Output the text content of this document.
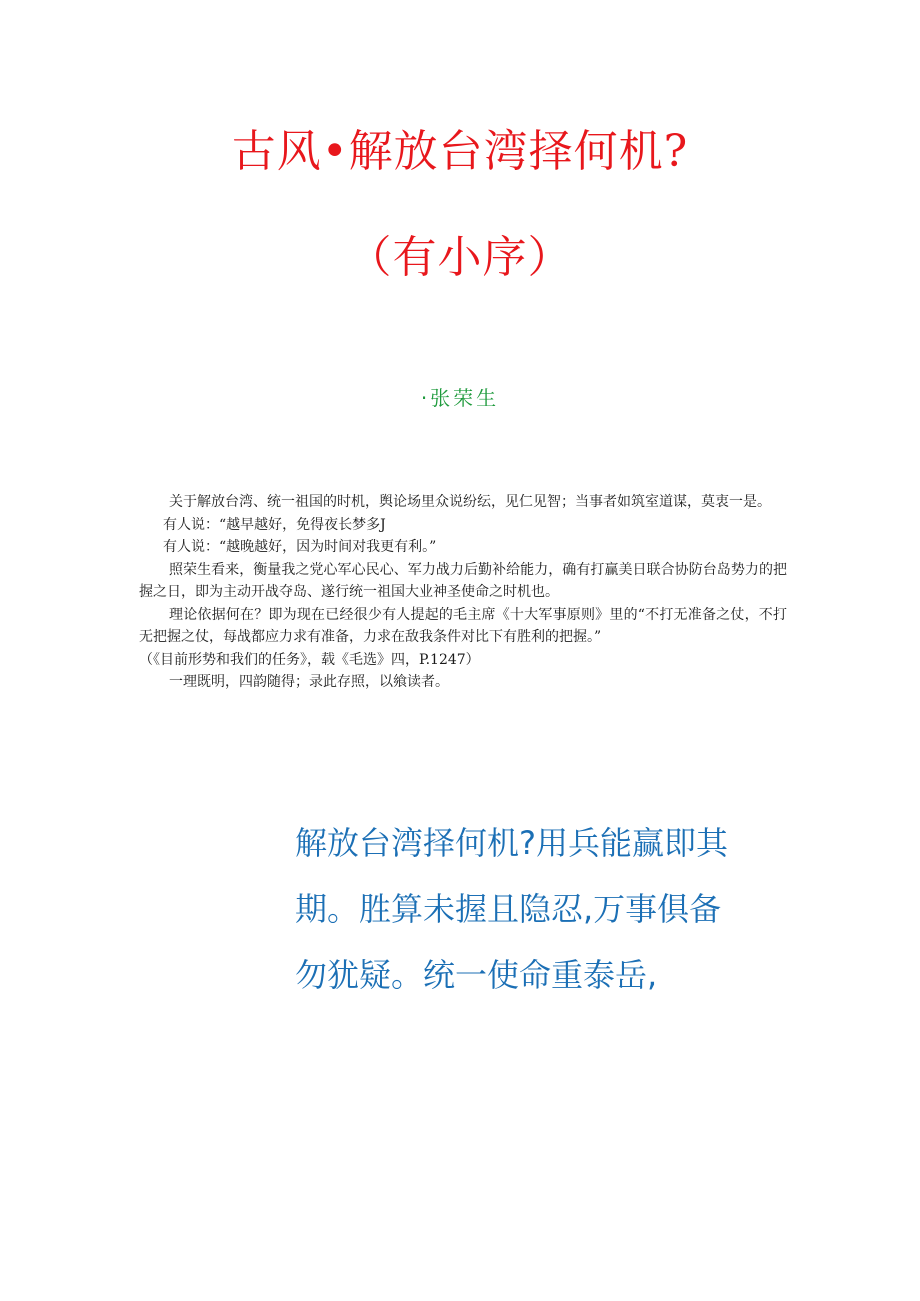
古风•解放台湾择何机?
（有小序）
·张荣生

关于解放台湾、统一祖国的时机，舆论场里众说纷纭，见仁见智；当事者如筑室道谋，莫衷一是。

有人说：“越早越好，免得夜长梦多J

有人说：“越晚越好，因为时间对我更有利。”

照荣生看来，衡量我之党心军心民心、军力战力后勤补给能力，确有打赢美日联合协防台岛势力的把握之日，即为主动开战夺岛、遂行统一祖国大业神圣使命之时机也。

理论依据何在？即为现在已经很少有人提起的毛主席《十大军事原则》里的“不打无准备之仗，不打无把握之仗，每战都应力求有准备，力求在敌我条件对比下有胜利的把握。”

（《目前形势和我们的任务》，载《毛选》四，P.1247）

一理既明，四韵随得；录此存照，以飨读者。

解放台湾择何机?用兵能赢即其
期。胜算未握且隐忍,万事俱备
勿犹疑。统一使命重泰岳,
